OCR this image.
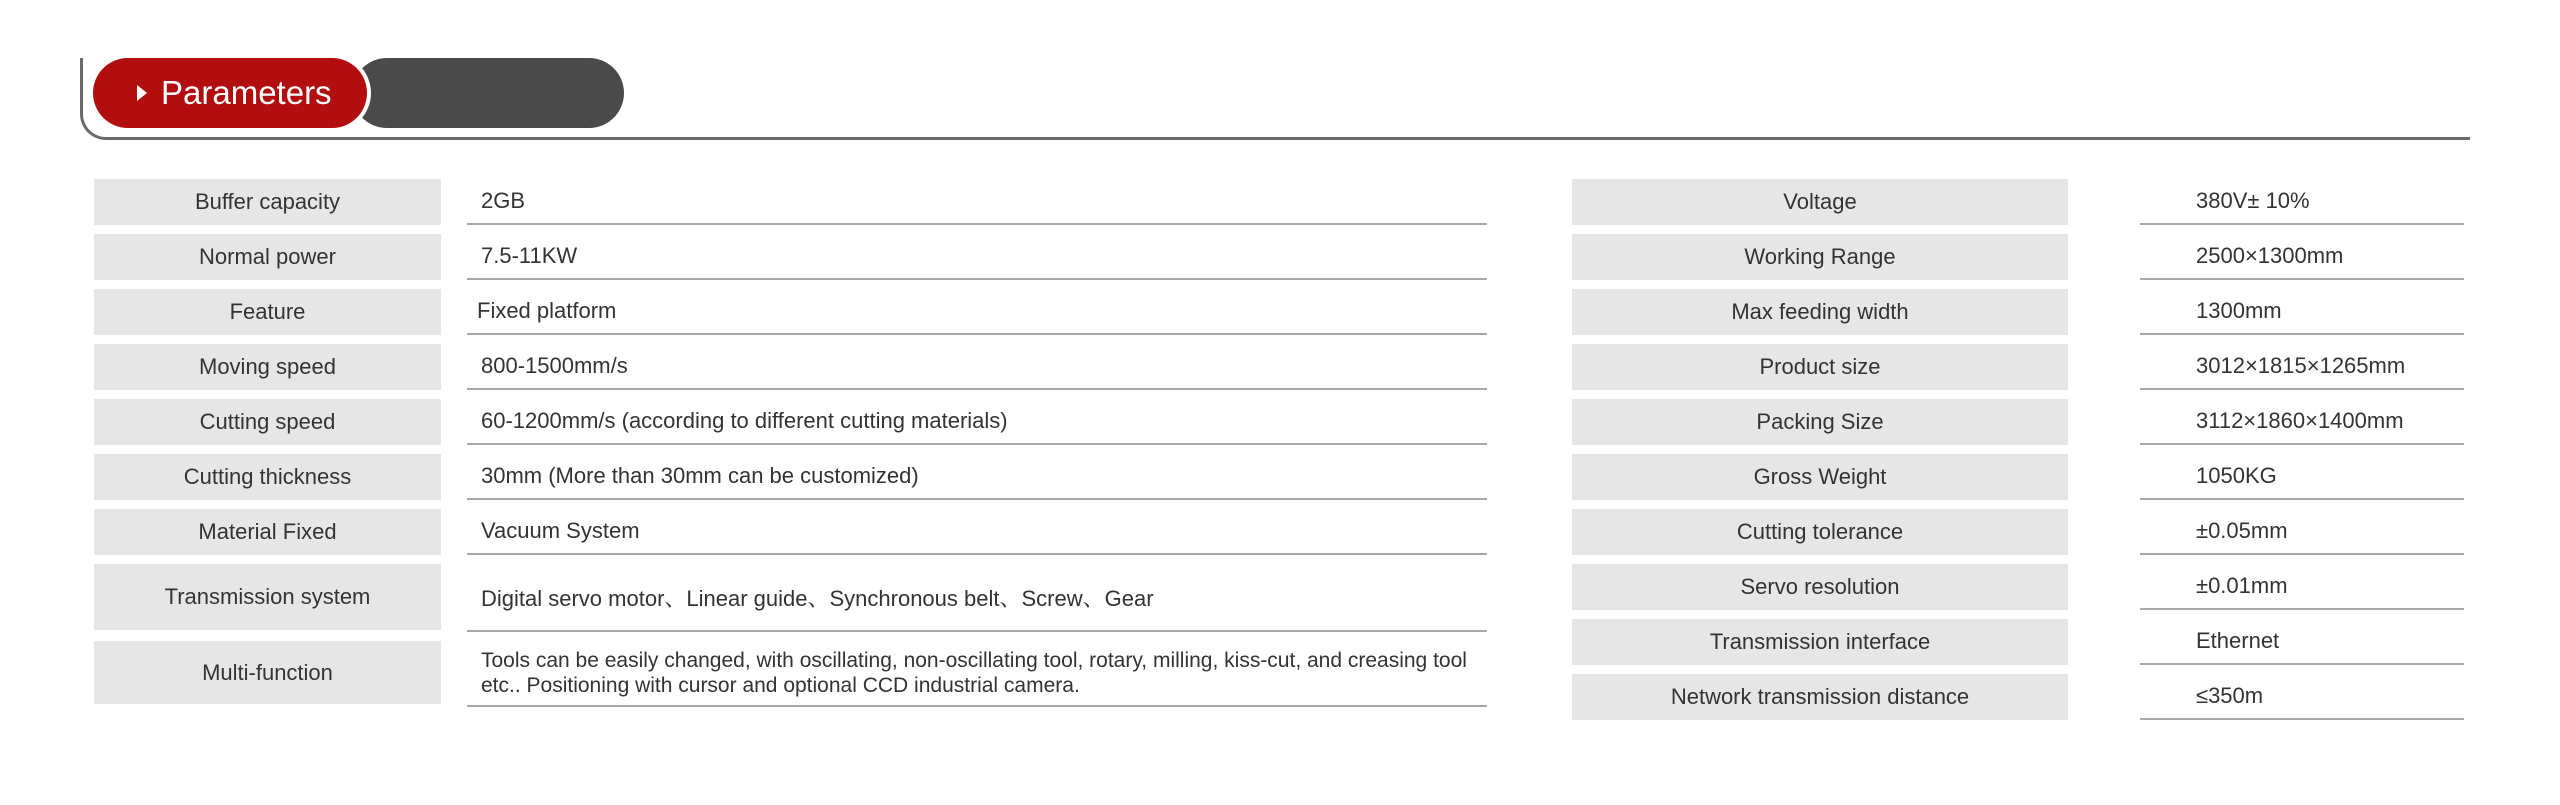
Parameters
Buffer capacity	2GB
Normal power	7.5-11KW
Feature	Fixed platform
Moving speed	800-1500mm/s
Cutting speed	60-1200mm/s (according to different cutting materials)
Cutting thickness	30mm (More than 30mm can be customized)
Material Fixed	Vacuum System
Transmission system	Digital servo motor、Linear guide、Synchronous belt、Screw、Gear
Multi-function	Tools can be easily changed, with oscillating, non-oscillating tool, rotary, milling, kiss-cut, and creasing tool etc.. Positioning with cursor and optional CCD industrial camera.
Voltage	380V± 10%
Working Range	2500×1300mm
Max feeding width	1300mm
Product size	3012×1815×1265mm
Packing Size	3112×1860×1400mm
Gross Weight	1050KG
Cutting tolerance	±0.05mm
Servo resolution	±0.01mm
Transmission interface	Ethernet
Network transmission distance	≤350m
